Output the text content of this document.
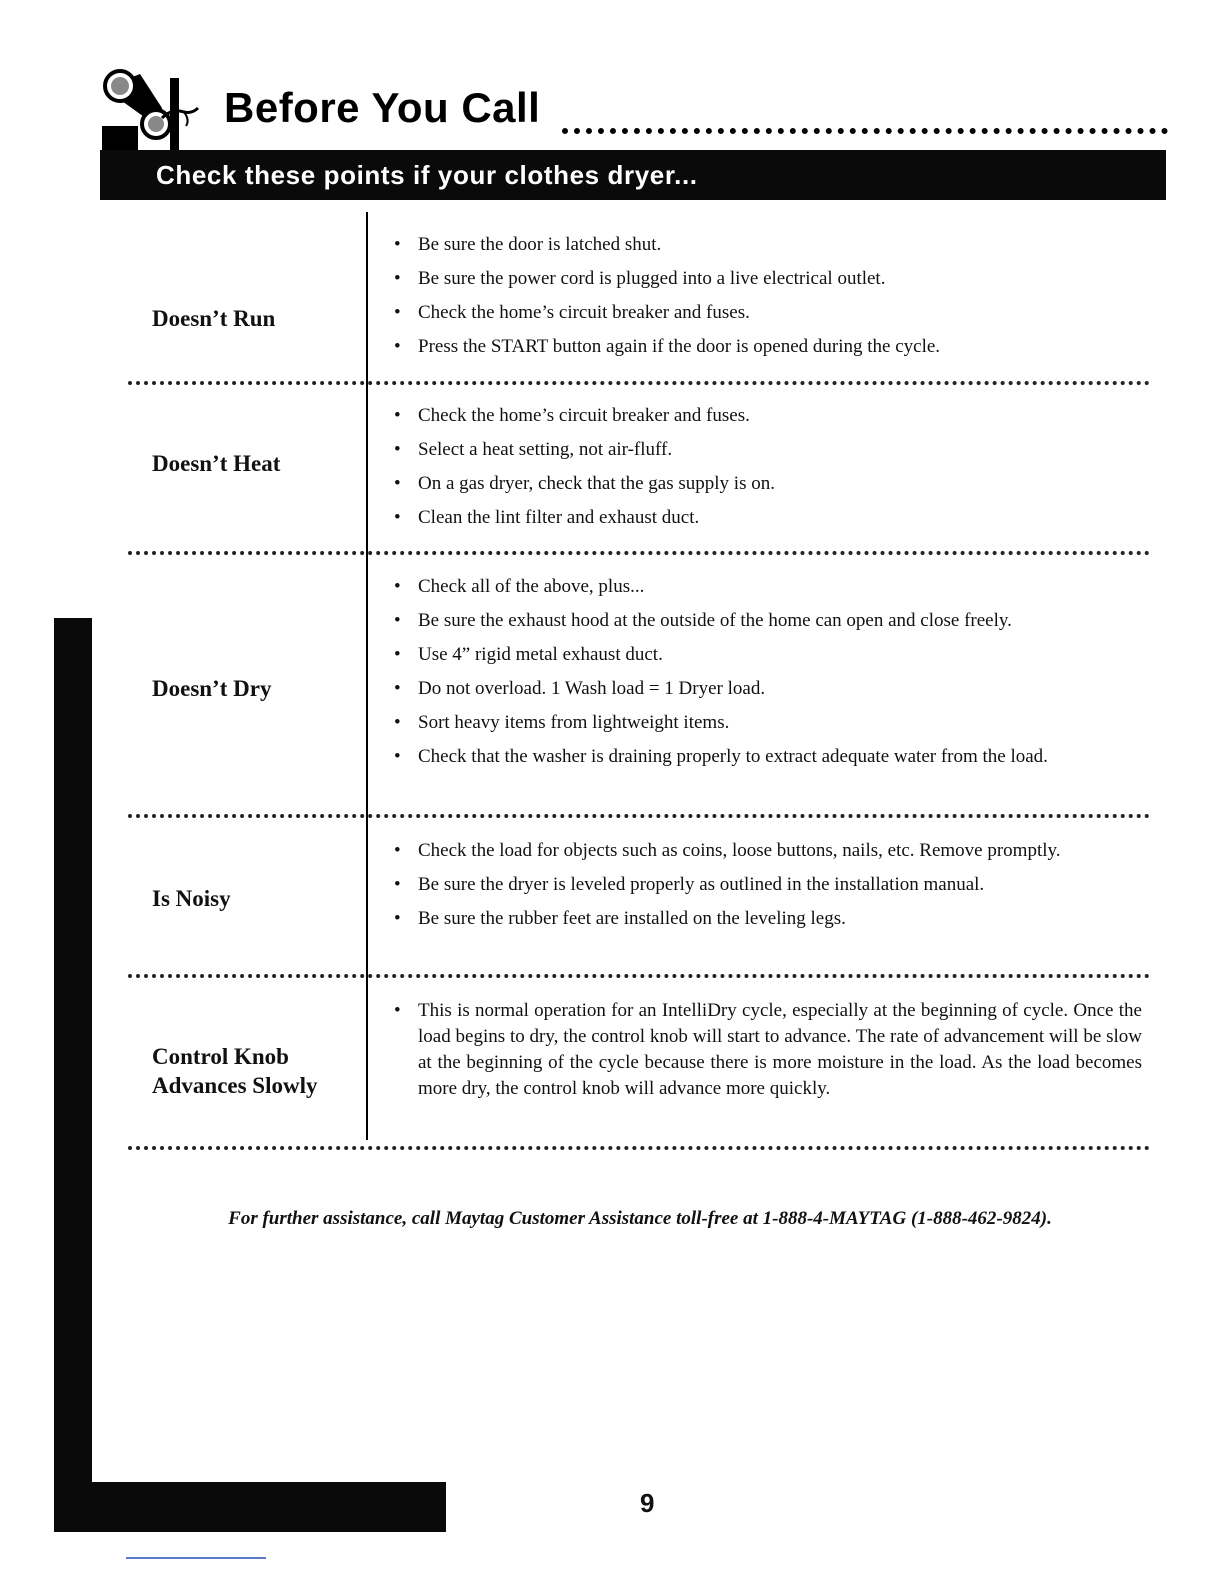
Before You Call
Check these points if your clothes dryer...
Doesn’t Run
• Be sure the door is latched shut.
• Be sure the power cord is plugged into a live electrical outlet.
• Check the home’s circuit breaker and fuses.
• Press the START button again if the door is opened during the cycle.
Doesn’t Heat
• Check the home’s circuit breaker and fuses.
• Select a heat setting, not air-fluff.
• On a gas dryer, check that the gas supply is on.
• Clean the lint filter and exhaust duct.
Doesn’t Dry
• Check all of the above, plus...
• Be sure the exhaust hood at the outside of the home can open and close freely.
• Use 4” rigid metal exhaust duct.
• Do not overload. 1 Wash load = 1 Dryer load.
• Sort heavy items from lightweight items.
• Check that the washer is draining properly to extract adequate water from the load.
Is Noisy
• Check the load for objects such as coins, loose buttons, nails, etc. Remove promptly.
• Be sure the dryer is leveled properly as outlined in the installation manual.
• Be sure the rubber feet are installed on the leveling legs.
Control Knob
Advances Slowly
• This is normal operation for an IntelliDry cycle, especially at the beginning of cycle. Once the load begins to dry, the control knob will start to advance. The rate of advancement will be slow at the beginning of the cycle because there is more moisture in the load. As the load becomes more dry, the control knob will advance more quickly.
For further assistance, call Maytag Customer Assistance toll-free at 1-888-4-MAYTAG (1-888-462-9824).
9
